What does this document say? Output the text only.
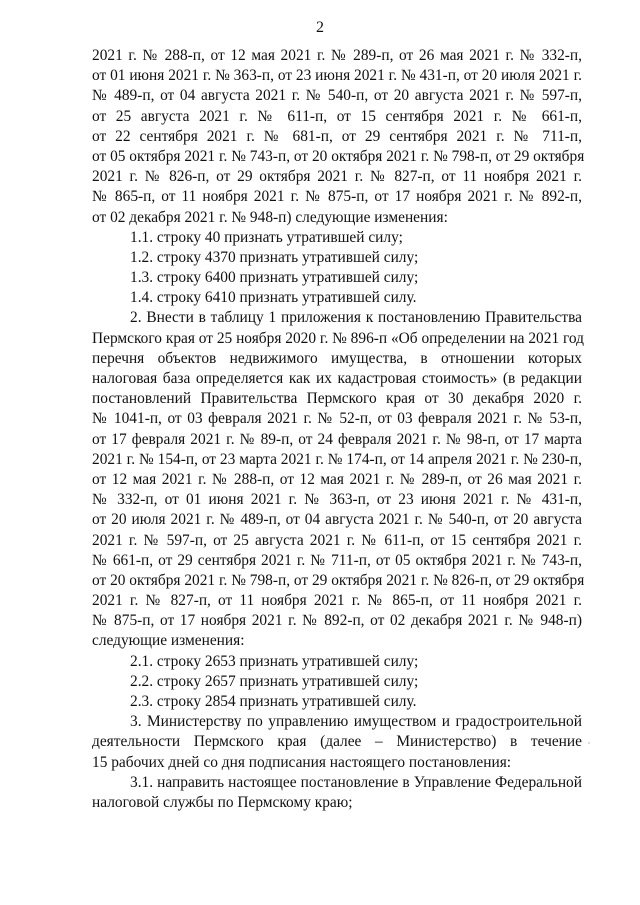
2
2021 г. № 288-п, от 12 мая 2021 г. № 289-п, от 26 мая 2021 г. № 332-п,
от 01 июня 2021 г. № 363-п, от 23 июня 2021 г. № 431-п, от 20 июля 2021 г.
№ 489-п, от 04 августа 2021 г. № 540-п, от 20 августа 2021 г. № 597-п,
от 25 августа 2021 г. № 611-п, от 15 сентября 2021 г. № 661-п,
от 22 сентября 2021 г. № 681-п, от 29 сентября 2021 г. № 711-п,
от 05 октября 2021 г. № 743-п, от 20 октября 2021 г. № 798-п, от 29 октября
2021 г. № 826-п, от 29 октября 2021 г. № 827-п, от 11 ноября 2021 г.
№ 865-п, от 11 ноября 2021 г. № 875-п, от 17 ноября 2021 г. № 892-п,
от 02 декабря 2021 г. № 948-п) следующие изменения:
1.1. строку 40 признать утратившей силу;
1.2. строку 4370 признать утратившей силу;
1.3. строку 6400 признать утратившей силу;
1.4. строку 6410 признать утратившей силу.
2. Внести в таблицу 1 приложения к постановлению Правительства
Пермского края от 25 ноября 2020 г. № 896-п «Об определении на 2021 год
перечня объектов недвижимого имущества, в отношении которых
налоговая база определяется как их кадастровая стоимость» (в редакции
постановлений Правительства Пермского края от 30 декабря 2020 г.
№ 1041-п, от 03 февраля 2021 г. № 52-п, от 03 февраля 2021 г. № 53-п,
от 17 февраля 2021 г. № 89-п, от 24 февраля 2021 г. № 98-п, от 17 марта
2021 г. № 154-п, от 23 марта 2021 г. № 174-п, от 14 апреля 2021 г. № 230-п,
от 12 мая 2021 г. № 288-п, от 12 мая 2021 г. № 289-п, от 26 мая 2021 г.
№ 332-п, от 01 июня 2021 г. № 363-п, от 23 июня 2021 г. № 431-п,
от 20 июля 2021 г. № 489-п, от 04 августа 2021 г. № 540-п, от 20 августа
2021 г. № 597-п, от 25 августа 2021 г. № 611-п, от 15 сентября 2021 г.
№ 661-п, от 29 сентября 2021 г. № 711-п, от 05 октября 2021 г. № 743-п,
от 20 октября 2021 г. № 798-п, от 29 октября 2021 г. № 826-п, от 29 октября
2021 г. № 827-п, от 11 ноября 2021 г. № 865-п, от 11 ноября 2021 г.
№ 875-п, от 17 ноября 2021 г. № 892-п, от 02 декабря 2021 г. № 948-п)
следующие изменения:
2.1. строку 2653 признать утратившей силу;
2.2. строку 2657 признать утратившей силу;
2.3. строку 2854 признать утратившей силу.
3. Министерству по управлению имуществом и градостроительной
деятельности Пермского края (далее – Министерство) в течение
15 рабочих дней со дня подписания настоящего постановления:
3.1. направить настоящее постановление в Управление Федеральной
налоговой службы по Пермскому краю;
